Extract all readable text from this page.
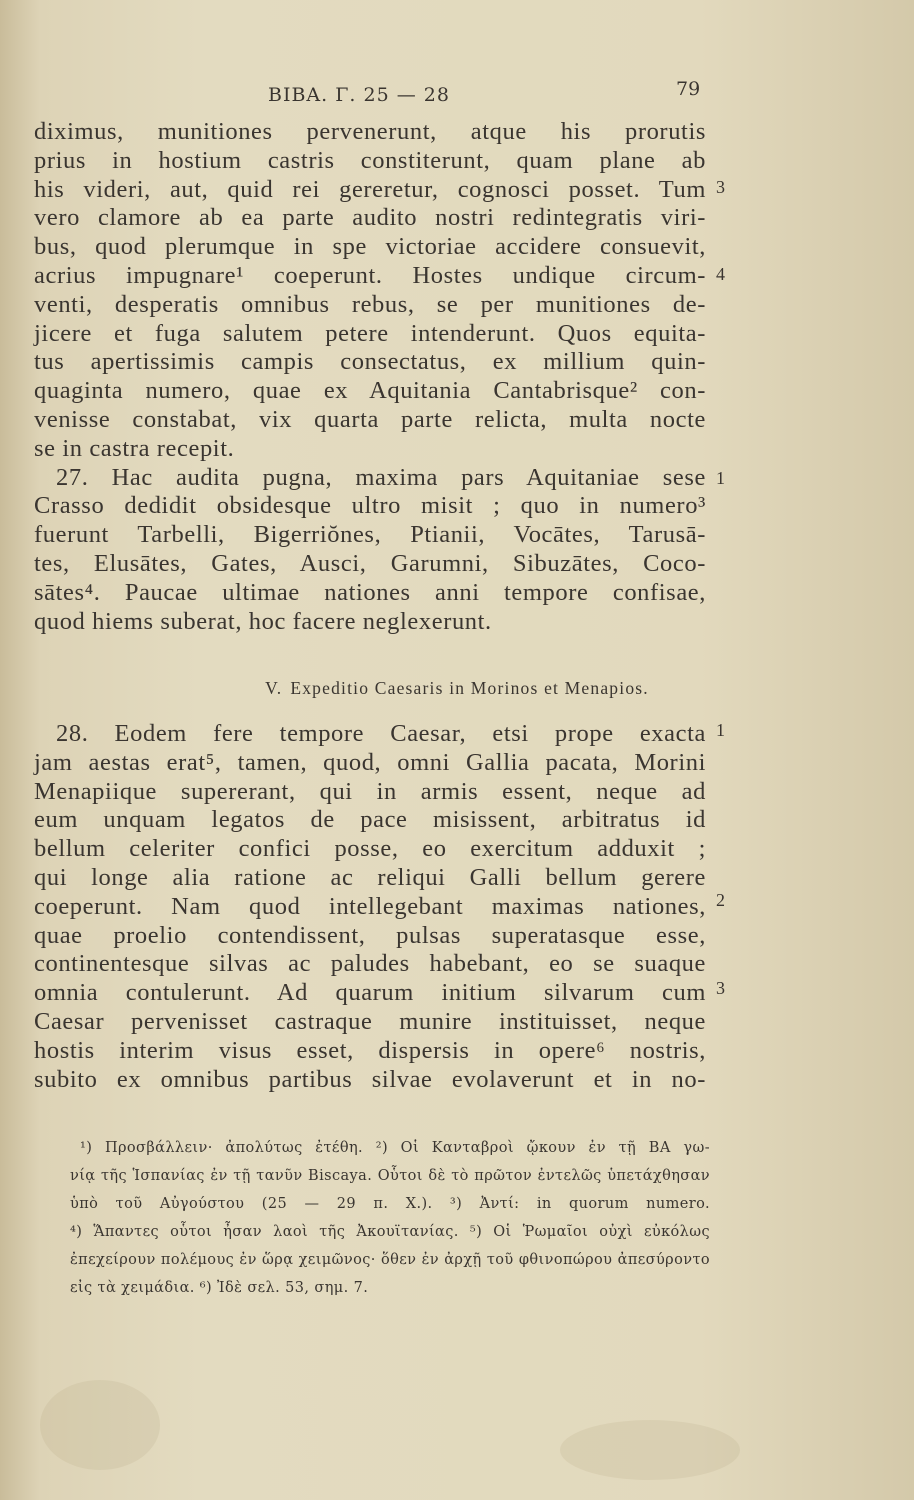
BIBA. Γ. 25 — 28	79
diximus, munitiones pervenerunt, atque his prorutis
prius in hostium castris constiterunt, quam plane ab
his videri, aut, quid rei gereretur, cognosci posset. Tum
vero clamore ab ea parte audito nostri redintegratis viri-
bus, quod plerumque in spe victoriae accidere consuevit,
acrius impugnare¹ coeperunt. Hostes undique circum-
venti, desperatis omnibus rebus, se per munitiones de-
jicere et fuga salutem petere intenderunt. Quos equita-
tus apertissimis campis consectatus, ex millium quin-
quaginta numero, quae ex Aquitania Cantabrisque² con-
venisse constabat, vix quarta parte relicta, multa nocte
se in castra recepit.
27. Hac audita pugna, maxima pars Aquitaniae sese
Crasso dedidit obsidesque ultro misit ; quo in numero³
fuerunt Tarbelli, Bigerriŏnes, Ptianii, Vocātes, Tarusā-
tes, Elusātes, Gates, Ausci, Garumni, Sibuzātes, Coco-
sātes⁴. Paucae ultimae nationes anni tempore confisae,
quod hiems suberat, hoc facere neglexerunt.
V. Expeditio Caesaris in Morinos et Menapios.
28. Eodem fere tempore Caesar, etsi prope exacta
jam aestas erat⁵, tamen, quod, omni Gallia pacata, Morini
Menapiique supererant, qui in armis essent, neque ad
eum unquam legatos de pace misissent, arbitratus id
bellum celeriter confici posse, eo exercitum adduxit ;
qui longe alia ratione ac reliqui Galli bellum gerere
coeperunt. Nam quod intellegebant maximas nationes,
quae proelio contendissent, pulsas superatasque esse,
continentesque silvas ac paludes habebant, eo se suaque
omnia contulerunt. Ad quarum initium silvarum cum
Caesar pervenisset castraque munire instituisset, neque
hostis interim visus esset, dispersis in opere⁶ nostris,
subito ex omnibus partibus silvae evolaverunt et in no-
3
4
1
1
2
3
¹) Προσβάλλειν· ἀπολύτως ἐτέθη. ²) Οἱ Κανταβροὶ ᾤκουν ἐν τῇ ΒΑ γω-
νίᾳ τῆς Ἱσπανίας ἐν τῇ τανῦν Biscaya. Οὗτοι δὲ τὸ πρῶτον ἐντελῶς ὑπετάχθησαν
ὑπὸ τοῦ Αὐγούστου (25 — 29 π. Χ.). ³) Ἀντί: in quorum numero.
⁴) Ἅπαντες οὗτοι ἦσαν λαοὶ τῆς Ἀκουϊτανίας. ⁵) Οἱ Ῥωμαῖοι οὐχὶ εὐκόλως
ἐπεχείρουν πολέμους ἐν ὥρᾳ χειμῶνος· ὅθεν ἐν ἀρχῇ τοῦ φθινοπώρου ἀπεσύροντο
εἰς τὰ χειμάδια. ⁶) Ἰδὲ σελ. 53, σημ. 7.
